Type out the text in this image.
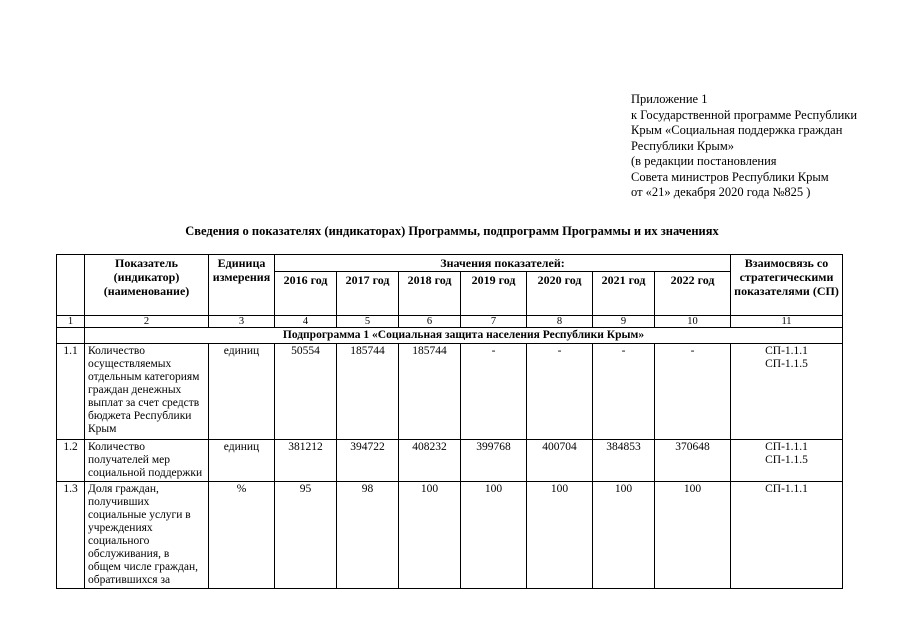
Приложение 1
к Государственной программе Республики
Крым «Социальная поддержка граждан
Республики Крым»
(в редакции постановления
Совета министров Республики Крым
от «21» декабря 2020 года №825 )
Сведения о показателях (индикаторах) Программы, подпрограмм Программы и их значениях
	Показатель (индикатор) (наименование)	Единица измерения	Значения показателей:							Взаимосвязь со стратегическими показателями (СП)
			2016 год	2017 год	2018 год	2019 год	2020 год	2021 год	2022 год	
1	2	3	4	5	6	7	8	9	10	11
	Подпрограмма 1 «Социальная защита населения Республики Крым»									
1.1	Количество осуществляемых отдельным категориям граждан денежных выплат за счет средств бюджета Республики Крым	единиц	50554	185744	185744	-	-	-	-	СП-1.1.1
СП-1.1.5

1.2	Количество получателей мер социальной поддержки	единиц	381212	394722	408232	399768	400704	384853	370648	СП-1.1.1
СП-1.1.5

1.3	Доля граждан, получивших социальные услуги в учреждениях социального обслуживания, в общем числе граждан, обратившихся за	%	95	98	100	100	100	100	100	СП-1.1.1
